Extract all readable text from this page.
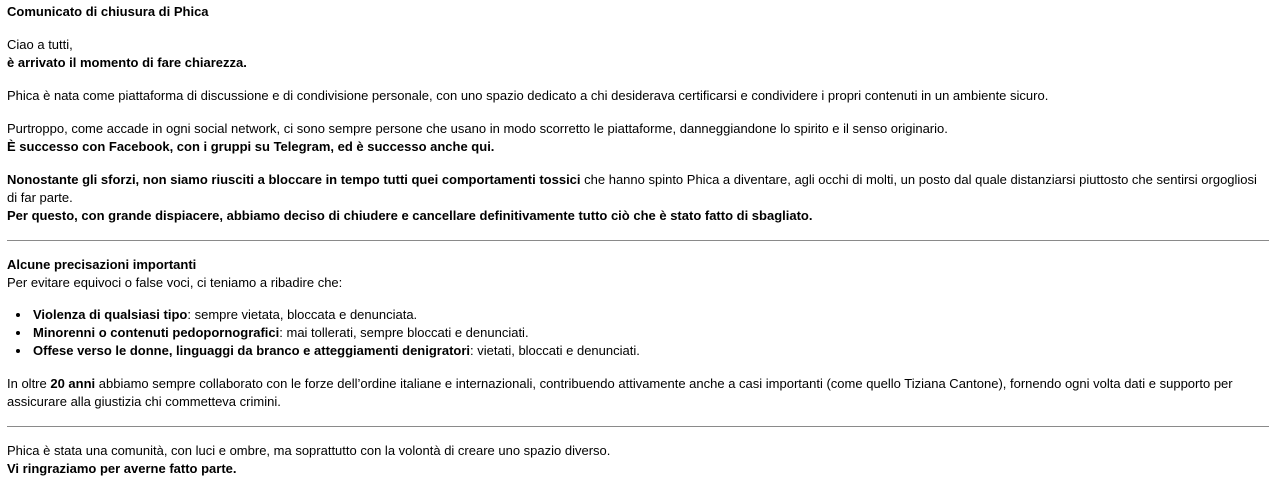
Comunicato di chiusura di Phica

Ciao a tutti,
è arrivato il momento di fare chiarezza.

Phica è nata come piattaforma di discussione e di condivisione personale, con uno spazio dedicato a chi desiderava certificarsi e condividere i propri contenuti in un ambiente sicuro.

Purtroppo, come accade in ogni social network, ci sono sempre persone che usano in modo scorretto le piattaforme, danneggiandone lo spirito e il senso originario.
È successo con Facebook, con i gruppi su Telegram, ed è successo anche qui.

Nonostante gli sforzi, non siamo riusciti a bloccare in tempo tutti quei comportamenti tossici che hanno spinto Phica a diventare, agli occhi di molti, un posto dal quale distanziarsi piuttosto che sentirsi orgogliosi di far parte.
Per questo, con grande dispiacere, abbiamo deciso di chiudere e cancellare definitivamente tutto ciò che è stato fatto di sbagliato.

Alcune precisazioni importanti
Per evitare equivoci o false voci, ci teniamo a ribadire che:
• Violenza di qualsiasi tipo: sempre vietata, bloccata e denunciata.
• Minorenni o contenuti pedopornografici: mai tollerati, sempre bloccati e denunciati.
• Offese verso le donne, linguaggi da branco e atteggiamenti denigratori: vietati, bloccati e denunciati.

In oltre 20 anni abbiamo sempre collaborato con le forze dell’ordine italiane e internazionali, contribuendo attivamente anche a casi importanti (come quello Tiziana Cantone), fornendo ogni volta dati e supporto per assicurare alla giustizia chi commetteva crimini.

Phica è stata una comunità, con luci e ombre, ma soprattutto con la volontà di creare uno spazio diverso.
Vi ringraziamo per averne fatto parte.
